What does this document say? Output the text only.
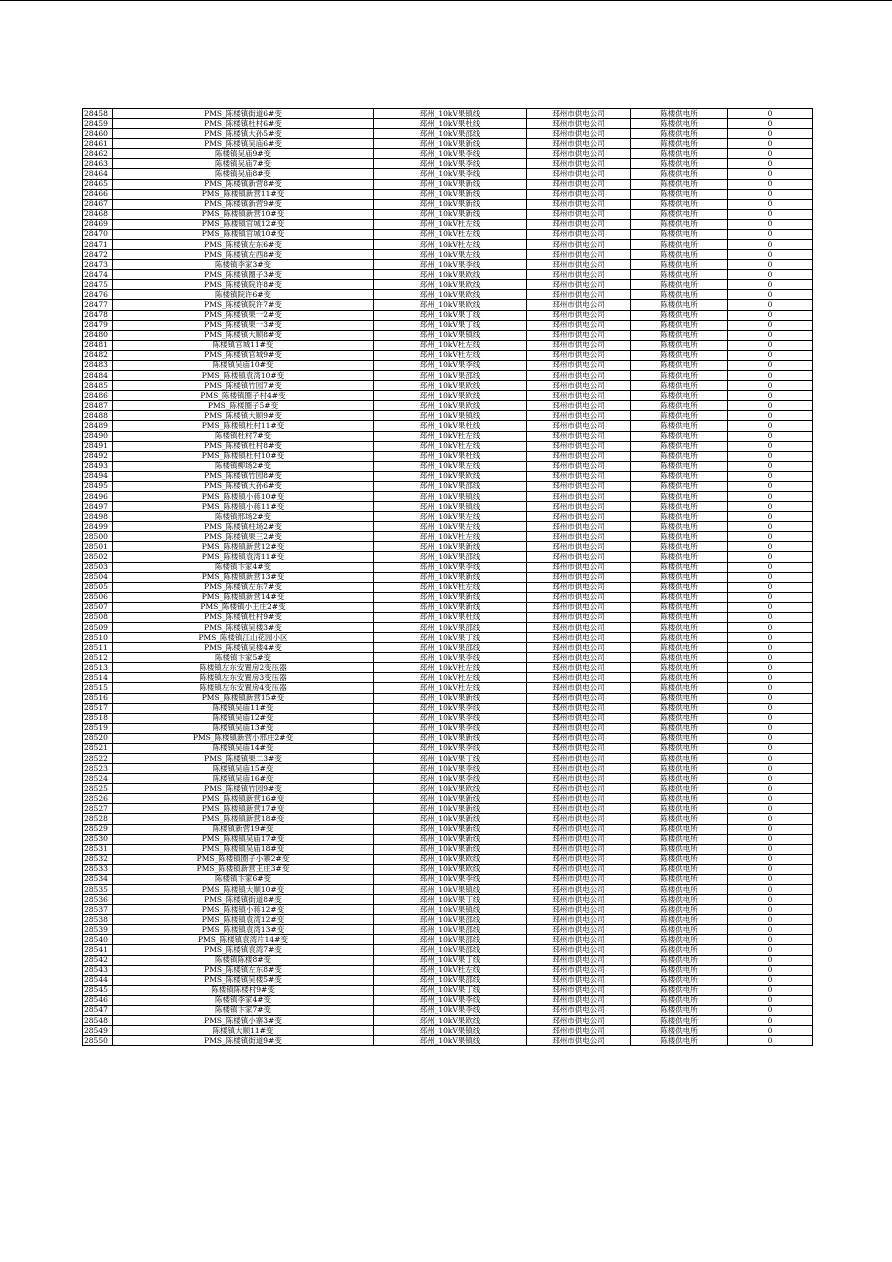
28458	PMS_陈楼镇街道6#变	邳州_10kV果镇线	邳州市供电公司	陈楼供电所	0
28459	PMS_陈楼镇杜村6#变	邳州_10kV果杜线	邳州市供电公司	陈楼供电所	0
28460	PMS_陈楼镇大孙5#变	邳州_10kV果邵线	邳州市供电公司	陈楼供电所	0
28461	PMS_陈楼镇吴庙6#变	邳州_10kV果新线	邳州市供电公司	陈楼供电所	0
28462	陈楼镇吴庙9#变	邳州_10kV果李线	邳州市供电公司	陈楼供电所	0
28463	陈楼镇吴庙7#变	邳州_10kV果李线	邳州市供电公司	陈楼供电所	0
28464	陈楼镇吴庙8#变	邳州_10kV果李线	邳州市供电公司	陈楼供电所	0
28465	PMS_陈楼镇新营8#变	邳州_10kV果新线	邳州市供电公司	陈楼供电所	0
28466	PMS_陈楼镇新营11#变	邳州_10kV果新线	邳州市供电公司	陈楼供电所	0
28467	PMS_陈楼镇新营9#变	邳州_10kV果新线	邳州市供电公司	陈楼供电所	0
28468	PMS_陈楼镇新营10#变	邳州_10kV果新线	邳州市供电公司	陈楼供电所	0
28469	PMS_陈楼镇官城12#变	邳州_10kV杜左线	邳州市供电公司	陈楼供电所	0
28470	PMS_陈楼镇官城10#变	邳州_10kV杜左线	邳州市供电公司	陈楼供电所	0
28471	PMS_陈楼镇左东6#变	邳州_10kV杜左线	邳州市供电公司	陈楼供电所	0
28472	PMS_陈楼镇左西8#变	邳州_10kV果左线	邳州市供电公司	陈楼供电所	0
28473	陈楼镇李家3#变	邳州_10kV果李线	邳州市供电公司	陈楼供电所	0
28474	PMS_陈楼镇圈子3#变	邳州_10kV果欧线	邳州市供电公司	陈楼供电所	0
28475	PMS_陈楼镇院许8#变	邳州_10kV果欧线	邳州市供电公司	陈楼供电所	0
28476	陈楼镇院许6#变	邳州_10kV果欧线	邳州市供电公司	陈楼供电所	0
28477	PMS_陈楼镇院许7#变	邳州_10kV果欧线	邳州市供电公司	陈楼供电所	0
28478	PMS_陈楼镇果一2#变	邳州_10kV果丁线	邳州市供电公司	陈楼供电所	0
28479	PMS_陈楼镇果一3#变	邳州_10kV果丁线	邳州市供电公司	陈楼供电所	0
28480	PMS_陈楼镇大顺8#变	邳州_10kV果镇线	邳州市供电公司	陈楼供电所	0
28481	陈楼镇官城11#变	邳州_10kV杜左线	邳州市供电公司	陈楼供电所	0
28482	PMS_陈楼镇官城9#变	邳州_10kV杜左线	邳州市供电公司	陈楼供电所	0
28483	陈楼镇吴庙10#变	邳州_10kV果李线	邳州市供电公司	陈楼供电所	0
28484	PMS_陈楼镇袁湾10#变	邳州_10kV果邵线	邳州市供电公司	陈楼供电所	0
28485	PMS_陈楼镇竹园7#变	邳州_10kV果欧线	邳州市供电公司	陈楼供电所	0
28486	PMS_陈楼镇圈子村4#变	邳州_10kV果欧线	邳州市供电公司	陈楼供电所	0
28487	PMS_陈楼圈子5#变	邳州_10kV果欧线	邳州市供电公司	陈楼供电所	0
28488	PMS_陈楼镇大顺9#变	邳州_10kV果镇线	邳州市供电公司	陈楼供电所	0
28489	PMS_陈楼镇杜村11#变	邳州_10kV果杜线	邳州市供电公司	陈楼供电所	0
28490	陈楼镇杜村7#变	邳州_10kV杜左线	邳州市供电公司	陈楼供电所	0
28491	PMS_陈楼镇杜村8#变	邳州_10kV杜左线	邳州市供电公司	陈楼供电所	0
28492	PMS_陈楼镇杜村10#变	邳州_10kV果杜线	邳州市供电公司	陈楼供电所	0
28493	陈楼镇柳场2#变	邳州_10kV果左线	邳州市供电公司	陈楼供电所	0
28494	PMS_陈楼镇竹园8#变	邳州_10kV果欧线	邳州市供电公司	陈楼供电所	0
28495	PMS_陈楼镇大孙6#变	邳州_10kV果邵线	邳州市供电公司	陈楼供电所	0
28496	PMS_陈楼镇小蒋10#变	邳州_10kV果镇线	邳州市供电公司	陈楼供电所	0
28497	PMS_陈楼镇小蒋11#变	邳州_10kV果镇线	邳州市供电公司	陈楼供电所	0
28498	陈楼镇邢场2#变	邳州_10kV果左线	邳州市供电公司	陈楼供电所	0
28499	PMS_陈楼镇柱场2#变	邳州_10kV果左线	邳州市供电公司	陈楼供电所	0
28500	PMS_陈楼镇果三2#变	邳州_10kV杜左线	邳州市供电公司	陈楼供电所	0
28501	PMS_陈楼镇新营12#变	邳州_10kV果新线	邳州市供电公司	陈楼供电所	0
28502	PMS_陈楼镇袁湾11#变	邳州_10kV果邵线	邳州市供电公司	陈楼供电所	0
28503	陈楼镇卞家4#变	邳州_10kV果李线	邳州市供电公司	陈楼供电所	0
28504	PMS_陈楼镇新营13#变	邳州_10kV果新线	邳州市供电公司	陈楼供电所	0
28505	PMS_陈楼镇左东7#变	邳州_10kV杜左线	邳州市供电公司	陈楼供电所	0
28506	PMS_陈楼镇新营14#变	邳州_10kV果新线	邳州市供电公司	陈楼供电所	0
28507	PMS_陈楼镇小王庄2#变	邳州_10kV果新线	邳州市供电公司	陈楼供电所	0
28508	PMS_陈楼镇杜村9#变	邳州_10kV果杜线	邳州市供电公司	陈楼供电所	0
28509	PMS_陈楼镇吴楼3#变	邳州_10kV果邵线	邳州市供电公司	陈楼供电所	0
28510	PMS_陈楼镇江山花园小区	邳州_10kV果丁线	邳州市供电公司	陈楼供电所	0
28511	PMS_陈楼镇吴楼4#变	邳州_10kV果邵线	邳州市供电公司	陈楼供电所	0
28512	陈楼镇卞家5#变	邳州_10kV果李线	邳州市供电公司	陈楼供电所	0
28513	陈楼镇左东安置房2变压器	邳州_10kV杜左线	邳州市供电公司	陈楼供电所	0
28514	陈楼镇左东安置房3变压器	邳州_10kV杜左线	邳州市供电公司	陈楼供电所	0
28515	陈楼镇左东安置房4变压器	邳州_10kV杜左线	邳州市供电公司	陈楼供电所	0
28516	PMS_陈楼镇新营15#变	邳州_10kV果新线	邳州市供电公司	陈楼供电所	0
28517	陈楼镇吴庙11#变	邳州_10kV果李线	邳州市供电公司	陈楼供电所	0
28518	陈楼镇吴庙12#变	邳州_10kV果李线	邳州市供电公司	陈楼供电所	0
28519	陈楼镇吴庙13#变	邳州_10kV果李线	邳州市供电公司	陈楼供电所	0
28520	PMS_陈楼镇新营小邢庄2#变	邳州_10kV果新线	邳州市供电公司	陈楼供电所	0
28521	陈楼镇吴庙14#变	邳州_10kV果李线	邳州市供电公司	陈楼供电所	0
28522	PMS_陈楼镇果二3#变	邳州_10kV果丁线	邳州市供电公司	陈楼供电所	0
28523	陈楼镇吴庙15#变	邳州_10kV果李线	邳州市供电公司	陈楼供电所	0
28524	陈楼镇吴庙16#变	邳州_10kV果李线	邳州市供电公司	陈楼供电所	0
28525	PMS_陈楼镇竹园9#变	邳州_10kV果欧线	邳州市供电公司	陈楼供电所	0
28526	PMS_陈楼镇新营16#变	邳州_10kV果新线	邳州市供电公司	陈楼供电所	0
28527	PMS_陈楼镇新营17#变	邳州_10kV果新线	邳州市供电公司	陈楼供电所	0
28528	PMS_陈楼镇新营18#变	邳州_10kV果新线	邳州市供电公司	陈楼供电所	0
28529	陈楼镇新营19#变	邳州_10kV果新线	邳州市供电公司	陈楼供电所	0
28530	PMS_陈楼镇吴庙17#变	邳州_10kV果新线	邳州市供电公司	陈楼供电所	0
28531	PMS_陈楼镇吴庙18#变	邳州_10kV果新线	邳州市供电公司	陈楼供电所	0
28532	PMS_陈楼镇圈子小寨2#变	邳州_10kV果欧线	邳州市供电公司	陈楼供电所	0
28533	PMS_陈楼镇新营王庄3#变	邳州_10kV果欧线	邳州市供电公司	陈楼供电所	0
28534	陈楼镇卞家6#变	邳州_10kV果李线	邳州市供电公司	陈楼供电所	0
28535	PMS_陈楼镇大顺10#变	邳州_10kV果镇线	邳州市供电公司	陈楼供电所	0
28536	PMS_陈楼镇街道8#变	邳州_10kV果丁线	邳州市供电公司	陈楼供电所	0
28537	PMS_陈楼镇小蒋12#变	邳州_10kV果镇线	邳州市供电公司	陈楼供电所	0
28538	PMS_陈楼镇袁湾12#变	邳州_10kV果邵线	邳州市供电公司	陈楼供电所	0
28539	PMS_陈楼镇袁湾13#变	邳州_10kV果邵线	邳州市供电公司	陈楼供电所	0
28540	PMS_陈楼镇袁湾片14#变	邳州_10kV果邵线	邳州市供电公司	陈楼供电所	0
28541	PMS_陈楼镇袁湾7#变	邳州_10kV果邵线	邳州市供电公司	陈楼供电所	0
28542	陈楼镇陈楼8#变	邳州_10kV果丁线	邳州市供电公司	陈楼供电所	0
28543	PMS_陈楼镇左东8#变	邳州_10kV杜左线	邳州市供电公司	陈楼供电所	0
28544	PMS_陈楼镇吴楼5#变	邳州_10kV果邵线	邳州市供电公司	陈楼供电所	0
28545	陈楼镇陈楼村9#变	邳州_10kV果丁线	邳州市供电公司	陈楼供电所	0
28546	陈楼镇李家4#变	邳州_10kV果李线	邳州市供电公司	陈楼供电所	0
28547	陈楼镇卞家7#变	邳州_10kV果李线	邳州市供电公司	陈楼供电所	0
28548	PMS_陈楼镇小寨3#变	邳州_10kV果欧线	邳州市供电公司	陈楼供电所	0
28549	陈楼镇大顺11#变	邳州_10kV果镇线	邳州市供电公司	陈楼供电所	0
28550	PMS_陈楼镇街道9#变	邳州_10kV果镇线	邳州市供电公司	陈楼供电所	0
